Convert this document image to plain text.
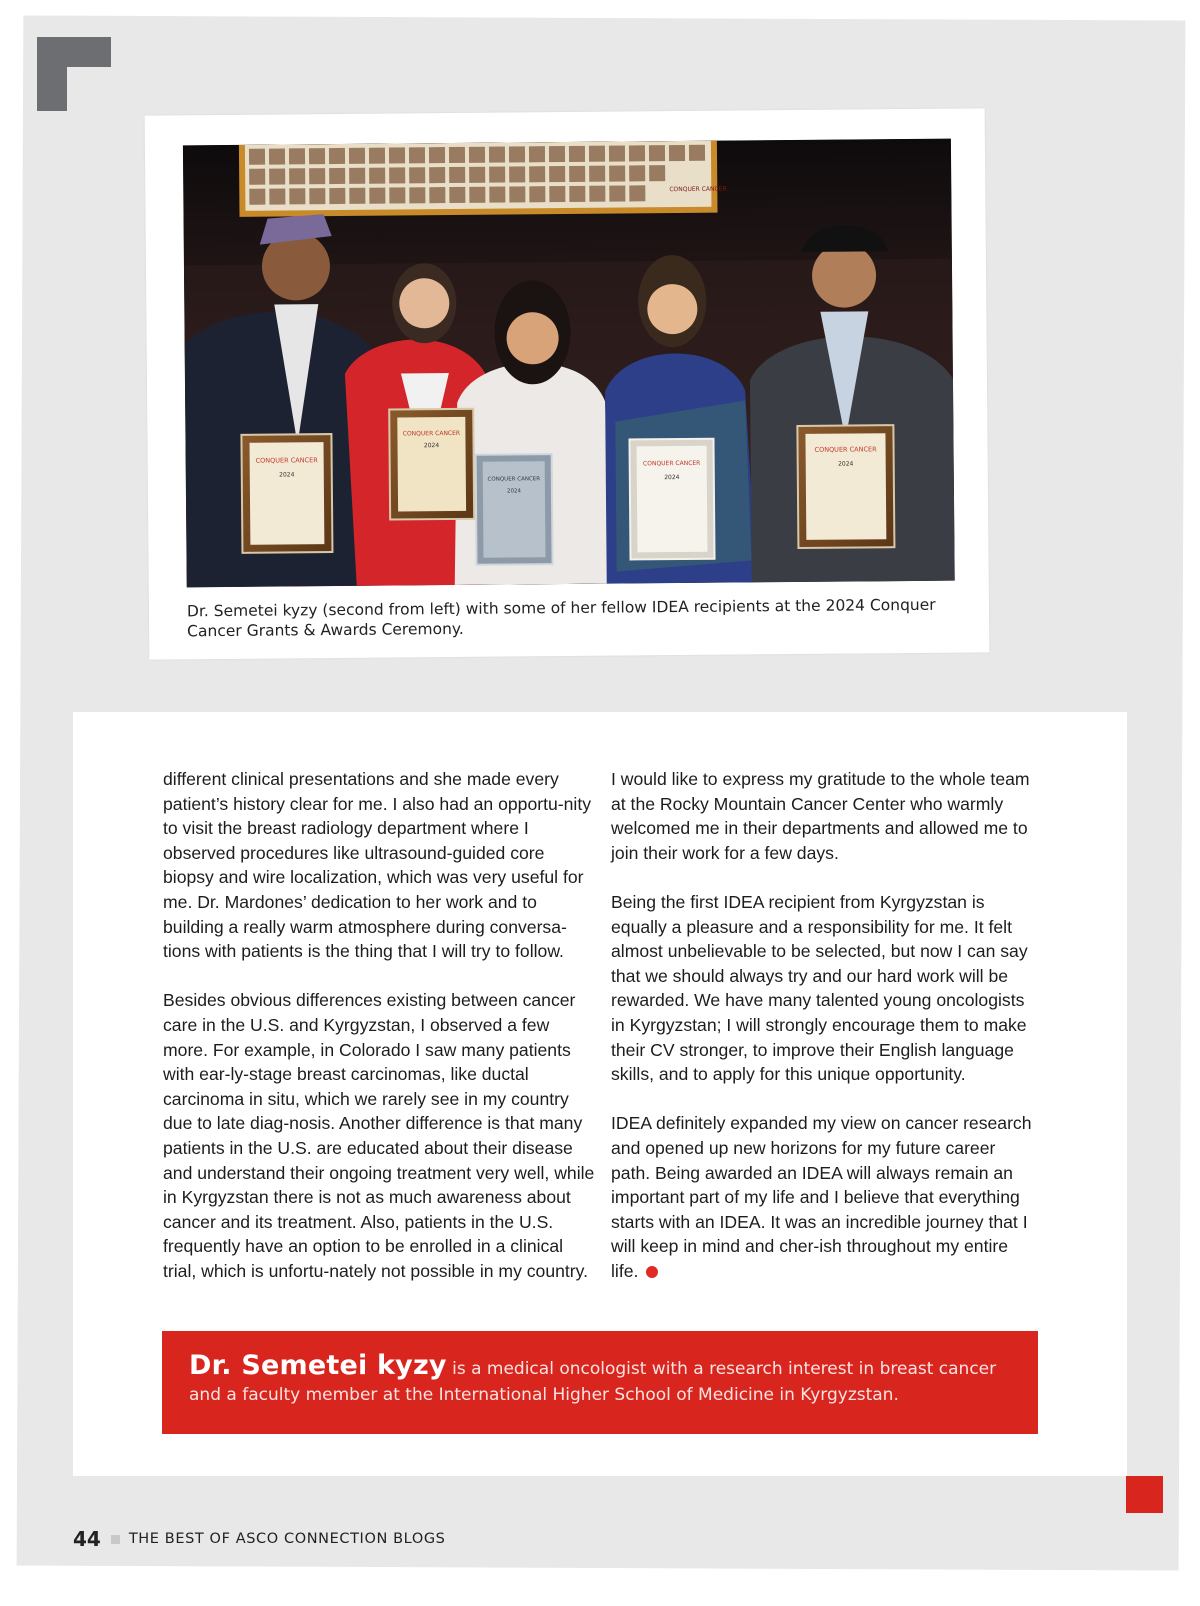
CONQUER CANCER
CONQUER CANCER
2024
CONQUER CANCER
2024
CONQUER CANCER
2024
CONQUER CANCER
2024
CONQUER CANCER
2024
Dr. Semetei kyzy (second from left) with some of her fellow IDEA recipients at the 2024 Conquer Cancer Grants & Awards Ceremony.

different clinical presentations and she made every patient’s history clear for me. I also had an opportu-nity to visit the breast radiology department where I observed procedures like ultrasound-guided core biopsy and wire localization, which was very useful for me. Dr. Mardones’ dedication to her work and to building a really warm atmosphere during conversa-tions with patients is the thing that I will try to follow.

Besides obvious differences existing between cancer care in the U.S. and Kyrgyzstan, I observed a few more. For example, in Colorado I saw many patients with ear-ly-stage breast carcinomas, like ductal carcinoma in situ, which we rarely see in my country due to late diag-nosis. Another difference is that many patients in the U.S. are educated about their disease and understand their ongoing treatment very well, while in Kyrgyzstan there is not as much awareness about cancer and its treatment. Also, patients in the U.S. frequently have an option to be enrolled in a clinical trial, which is unfortu-nately not possible in my country.

I would like to express my gratitude to the whole team at the Rocky Mountain Cancer Center who warmly welcomed me in their departments and allowed me to join their work for a few days.

Being the first IDEA recipient from Kyrgyzstan is equally a pleasure and a responsibility for me. It felt almost unbelievable to be selected, but now I can say that we should always try and our hard work will be rewarded. We have many talented young oncologists in Kyrgyzstan; I will strongly encourage them to make their CV stronger, to improve their English language skills, and to apply for this unique opportunity.

IDEA definitely expanded my view on cancer research and opened up new horizons for my future career path. Being awarded an IDEA will always remain an important part of my life and I believe that everything starts with an IDEA. It was an incredible journey that I will keep in mind and cher-ish throughout my entire life.

Dr. Semetei kyzy is a medical oncologist with a research interest in breast cancer and a faculty member at the International Higher School of Medicine in Kyrgyzstan.
44 THE BEST OF ASCO CONNECTION BLOGS
